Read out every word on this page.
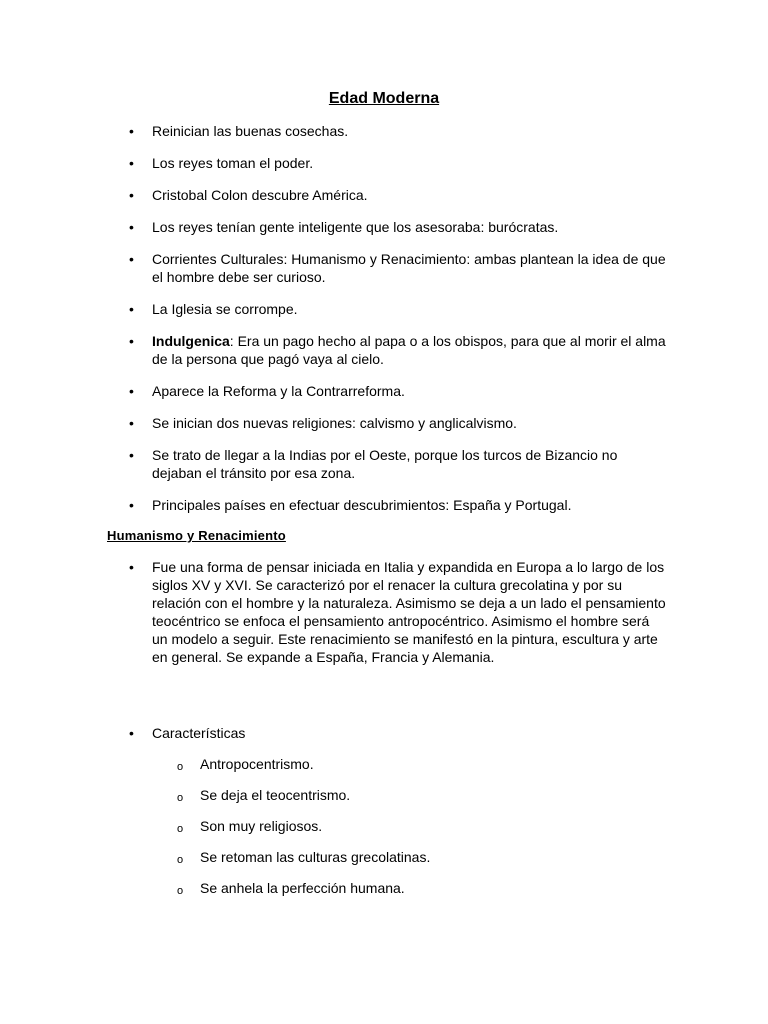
Edad Moderna
• Reinician las buenas cosechas.
• Los reyes toman el poder.
• Cristobal Colon descubre América.
• Los reyes tenían gente inteligente que los asesoraba: burócratas.
• Corrientes Culturales: Humanismo y Renacimiento: ambas plantean la idea de que el hombre debe ser curioso.
• La Iglesia se corrompe.
• Indulgenica: Era un pago hecho al papa o a los obispos, para que al morir el alma de la persona que pagó vaya al cielo.
• Aparece la Reforma y la Contrarreforma.
• Se inician dos nuevas religiones: calvismo y anglicalvismo.
• Se trato de llegar a la Indias por el Oeste, porque los turcos de Bizancio no dejaban el tránsito por esa zona.
• Principales países en efectuar descubrimientos: España y Portugal.
Humanismo y Renacimiento
• Fue una forma de pensar iniciada en Italia y expandida en Europa a lo largo de los siglos XV y XVI. Se caracterizó por el renacer la cultura grecolatina y por su relación con el hombre y la naturaleza. Asimismo se deja a un lado el pensamiento teocéntrico se enfoca el pensamiento antropocéntrico. Asimismo el hombre será un modelo a seguir. Este renacimiento se manifestó en la pintura, escultura y arte en general. Se expande a España, Francia y Alemania.
• Características
o Antropocentrismo.
o Se deja el teocentrismo.
o Son muy religiosos.
o Se retoman las culturas grecolatinas.
o Se anhela la perfección humana.
